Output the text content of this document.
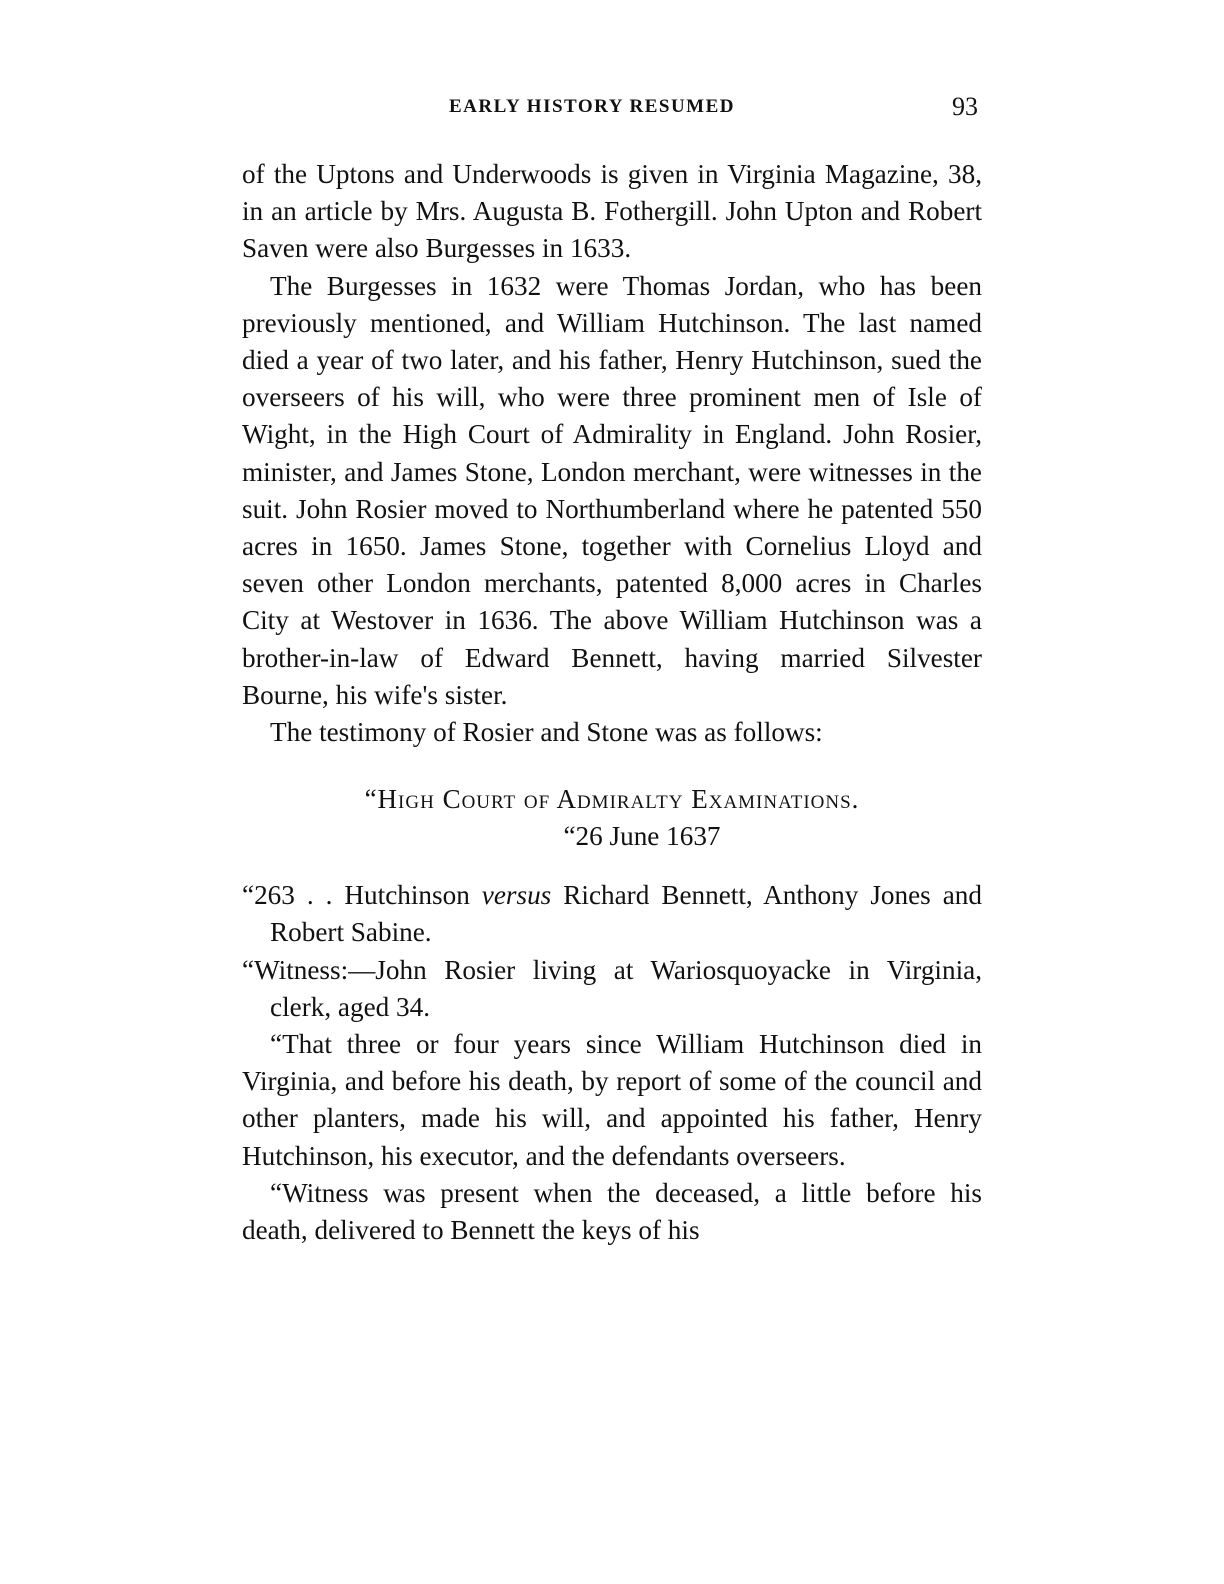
EARLY HISTORY RESUMED	93

of the Uptons and Underwoods is given in Virginia Magazine, 38, in an article by Mrs. Augusta B. Fothergill. John Upton and Robert Saven were also Burgesses in 1633.

The Burgesses in 1632 were Thomas Jordan, who has been previously mentioned, and William Hutchinson. The last named died a year of two later, and his father, Henry Hutchinson, sued the overseers of his will, who were three prominent men of Isle of Wight, in the High Court of Admirality in England. John Rosier, minister, and James Stone, London merchant, were witnesses in the suit. John Rosier moved to Northumberland where he patented 550 acres in 1650. James Stone, together with Cornelius Lloyd and seven other London merchants, patented 8,000 acres in Charles City at Westover in 1636. The above William Hutchinson was a brother-in-law of Edward Bennett, having married Silvester Bourne, his wife's sister.

The testimony of Rosier and Stone was as follows:

“High Court of Admiralty Examinations.
“26 June 1637

“263 . . Hutchinson versus Richard Bennett, Anthony Jones and Robert Sabine.

“Witness:—John Rosier living at Wariosquoyacke in Virginia, clerk, aged 34.

“That three or four years since William Hutchinson died in Virginia, and before his death, by report of some of the council and other planters, made his will, and appointed his father, Henry Hutchinson, his executor, and the defendants overseers.

“Witness was present when the deceased, a little before his death, delivered to Bennett the keys of his
